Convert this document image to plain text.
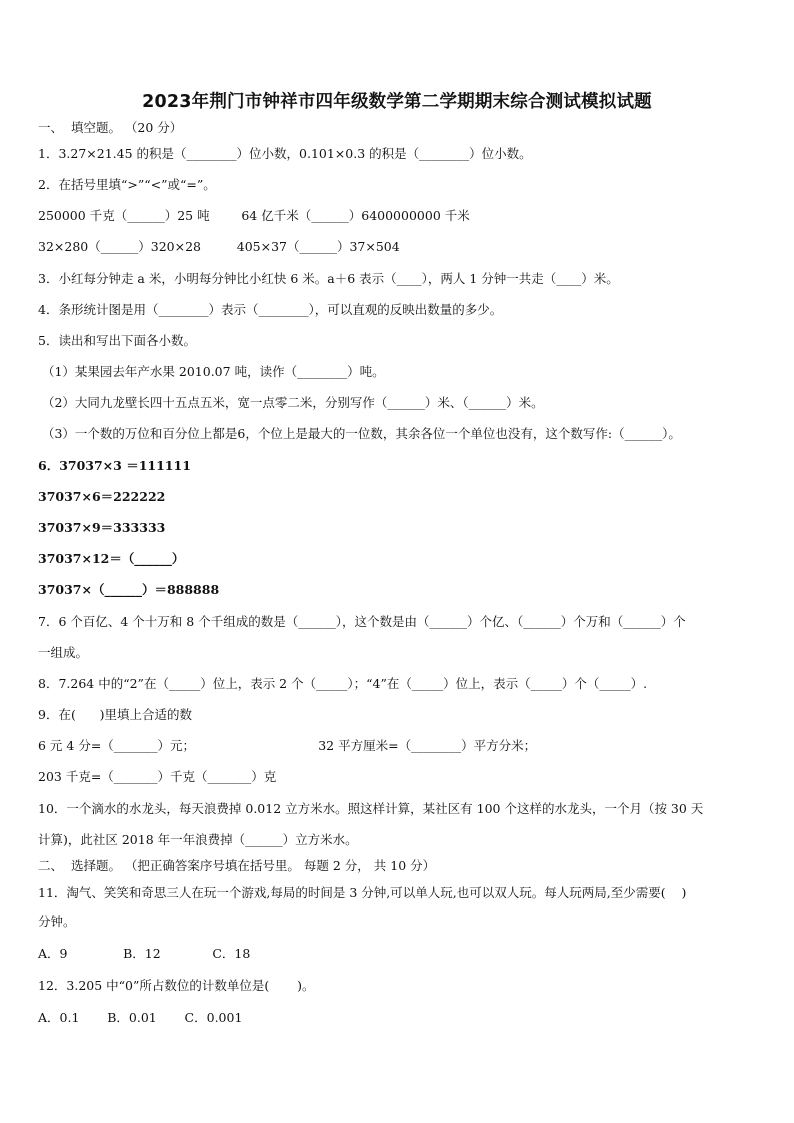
2023年荆门市钟祥市四年级数学第二学期期末综合测试模拟试题
一、  填空题。 （20 分）
1．3.27×21.45 的积是（________）位小数，0.101×0.3 的积是（________）位小数。
2．在括号里填“>”“<”或“=”。
250000 千克（______）25 吨        64 亿千米（______）6400000000 千米
32×280（______）320×28         405×37（______）37×504
3．小红每分钟走 a 米，小明每分钟比小红快 6 米。a＋6 表示（____），两人 1 分钟一共走（____）米。
4．条形统计图是用（________）表示（________），可以直观的反映出数量的多少。
5．读出和写出下面各小数。
（1）某果园去年产水果 2010.07 吨，读作（________）吨。
（2）大同九龙壁长四十五点五米，宽一点零二米，分别写作（______）米、（______）米。
（3）一个数的万位和百分位上都是6，个位上是最大的一位数，其余各位一个单位也没有，这个数写作:（______）。
6．37037×3 ＝111111
37037×6＝222222
37037×9＝333333
37037×12＝（______）
37037×（______）＝888888
7．6 个百亿、4 个十万和 8 个千组成的数是（______），这个数是由（______）个亿、（______）个万和（______）个
一组成。
8．7.264 中的“2”在（_____）位上，表示 2 个（_____）；“4”在（_____）位上，表示（_____）个（_____）.
9．在(      )里填上合适的数
6 元 4 分=（_______）元；                               32 平方厘米=（________）平方分米；
203 千克=（_______）千克（_______）克
10．一个滴水的水龙头，每天浪费掉 0.012 立方米水。照这样计算，某社区有 100 个这样的水龙头，一个月（按 30 天
计算)，此社区 2018 年一年浪费掉（______）立方米水。
二、  选择题。 （把正确答案序号填在括号里。 每题 2 分， 共 10 分）
11．淘气、笑笑和奇思三人在玩一个游戏,每局的时间是 3 分钟,可以单人玩,也可以双人玩。每人玩两局,至少需要(    )
分钟。
A．9              B．12             C．18
12．3.205 中“0”所占数位的计数单位是(       )。
A．0.1       B．0.01       C．0.001
